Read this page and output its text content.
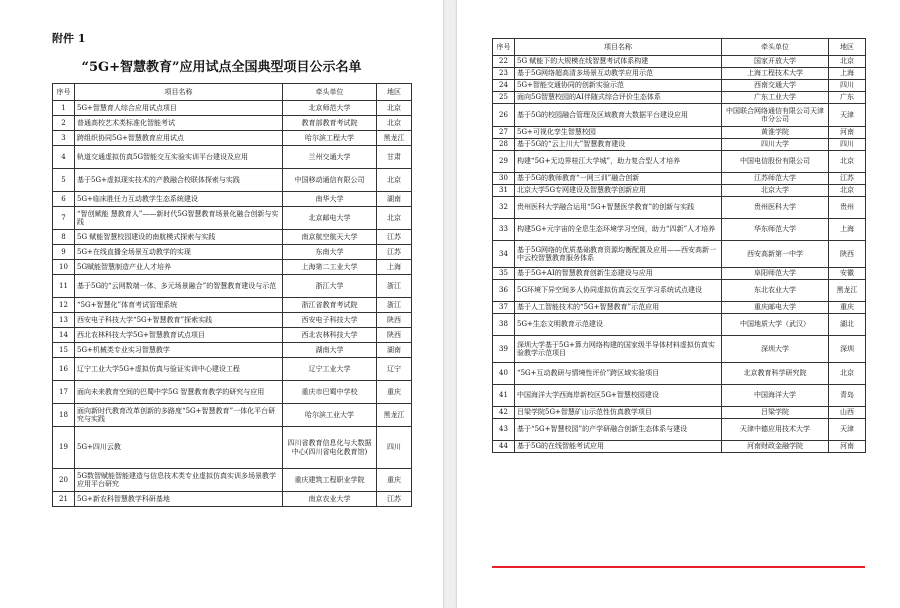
附件 1
“5G+智慧教育”应用试点全国典型项目公示名单
序号	项目名称	牵头单位	地区
1	5G+智慧育人综合应用试点项目	北京师范大学	北京
2	普通高校艺术类标准化智能考试	教育部教育考试院	北京
3	跨组织协同5G+智慧教育应用试点	哈尔滨工程大学	黑龙江
4	轨道交通虚拟仿真5G智能交互实验实训平台建设及应用	兰州交通大学	甘肃
5	基于5G+虚拟现实技术的产教融合校联体探索与实践	中国移动通信有限公司	北京
6	5G+临床胜任力互动教学生态系统建设	南华大学	湖南
7	“智创赋能 慧教育人”——新时代5G智慧教育场景化融合创新与实践	北京邮电大学	北京
8	5G 赋能智慧校园建设的南航模式探索与实践	南京航空航天大学	江苏
9	5G+在线直播全场景互动教学的实现	东南大学	江苏
10	5G赋能智慧制造产业人才培养	上海第二工业大学	上海
11	基于5G的“云网数端一体、多元场景融合”的智慧教育建设与示范	浙江大学	浙江
12	“5G+智慧化”体育考试管理系统	浙江省教育考试院	浙江
13	西安电子科技大学“5G+智慧教育”探索实践	西安电子科技大学	陕西
14	西北农林科技大学5G+智慧教育试点项目	西北农林科技大学	陕西
15	5G+机械类专业实习智慧教学	湖南大学	湖南
16	辽宁工业大学5G+虚拟仿真与验证实训中心建设工程	辽宁工业大学	辽宁
17	面向未来教育空间的巴蜀中学5G 智慧教育教学的研究与应用	重庆市巴蜀中学校	重庆
18	面向新时代教育改革创新的多路度“5G+智慧教育”一体化平台研究与实践	哈尔滨工业大学	黑龙江
19	5G+四川云教	四川省教育信息化与大数据中心(四川省电化教育馆)	四川
20	5G数智赋能智能建造与信息技术类专业虚拟仿真实训多场景教学应用平台研究	重庆建筑工程职业学院	重庆
21	5G+新农科智慧教学科研基地	南京农业大学	江苏
序号	项目名称	牵头单位	地区
22	5G 赋能下的大规模在线智慧考试体系构建	国家开放大学	北京
23	基于5G网络超高清多场景互动教学应用示范	上海工程技术大学	上海
24	5G+智能交通协同的创新实验示范	西南交通大学	四川
25	面向5G智慧校园的AI伴随式综合评价生态体系	广东工业大学	广东
26	基于5G的校园融合管理及区域教育大数据平台建设应用	中国联合网络通信有限公司天津市分公司	天津
27	5G+可视化孪生智慧校园	黄淮学院	河南
28	基于5G的“云上川大”智慧教育建设	四川大学	四川
29	构建“5G+无边界桂江大学城”，助力复合型人才培养	中国电信股份有限公司	北京
30	基于5G的教师教育“一网三训”融合创新	江苏师范大学	江苏
31	北京大学5G专网建设及智慧教学创新应用	北京大学	北京
32	贵州医科大学融合运用“5G+智慧医学教育”的创新与实践	贵州医科大学	贵州
33	构建5G+元宇宙的全息生态环境学习空间，助力“四新”人才培养	华东师范大学	上海
34	基于5G网络的优质基础教育资源均衡配置及应用——西安高新一中云校智慧教育服务体系	西安高新第一中学	陕西
35	基于5G+AI的智慧教育创新生态建设与应用	阜阳师范大学	安徽
36	5G环境下异空间多人协同虚拟仿真云交互学习系统试点建设	东北农业大学	黑龙江
37	基于人工智能技术的“5G+智慧教育”示范应用	重庆邮电大学	重庆
38	5G+生态文明教育示范建设	中国地质大学（武汉）	湖北
39	深圳大学基于5G+算力网络构建的国家级半导体材料虚拟仿真实验教学示范项目	深圳大学	深圳
40	“5G+互动教研与情境性评价”跨区域实验项目	北京教育科学研究院	北京
41	中国海洋大学西海岸新校区5G+智慧校园建设	中国海洋大学	青岛
42	吕梁学院5G+智慧矿山示范性仿真教学项目	吕梁学院	山西
43	基于“5G+智慧校园”的产学研融合创新生态体系与建设	天津中德应用技术大学	天津
44	基于5G的在线智能考试应用	河南财政金融学院	河南
